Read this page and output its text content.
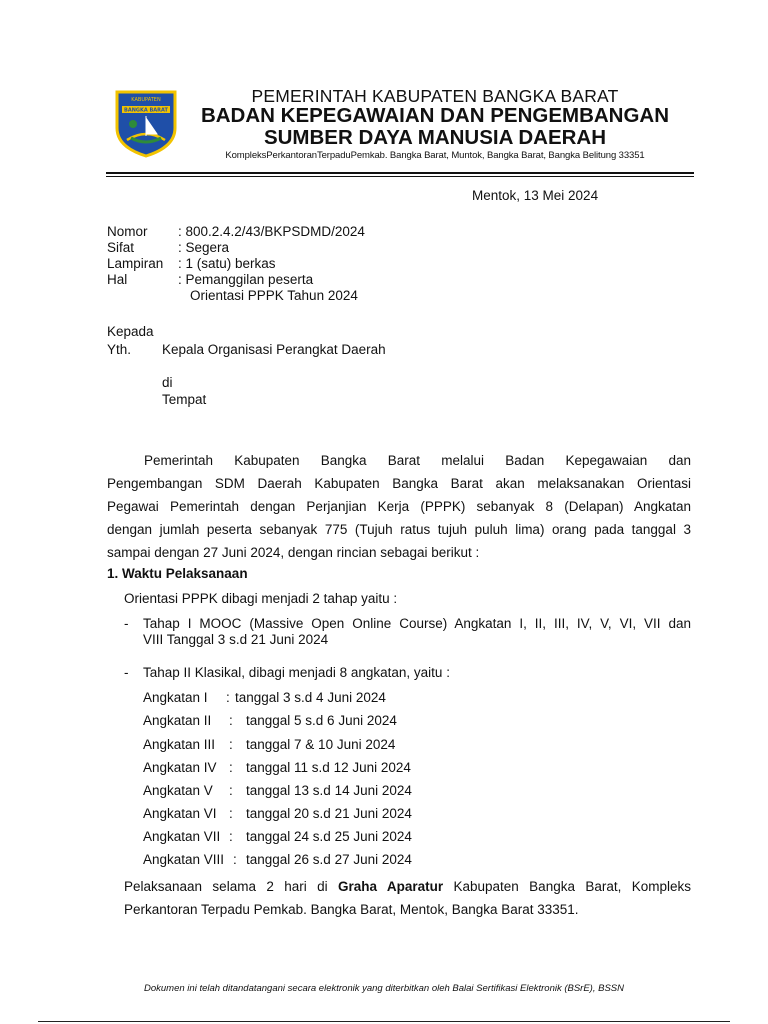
KABUPATEN
BANGKA BARAT
PEMERINTAH KABUPATEN BANGKA BARAT
BADAN KEPEGAWAIAN DAN PENGEMBANGAN
SUMBER DAYA MANUSIA DAERAH
KompleksPerkantoranTerpaduPemkab. Bangka Barat, Muntok, Bangka Barat, Bangka Belitung 33351
Mentok, 13 Mei 2024
Nomor : 800.2.4.2/43/BKPSDMD/2024
Sifat	: Segera
Lampiran : 1 (satu) berkas
Hal	: Pemanggilan peserta
Orientasi PPPK Tahun 2024
Kepada
Yth. Kepala Organisasi Perangkat Daerah
di
Tempat
Pemerintah Kabupaten Bangka Barat melalui Badan Kepegawaian dan
Pengembangan SDM Daerah Kabupaten Bangka Barat akan melaksanakan Orientasi
Pegawai Pemerintah dengan Perjanjian Kerja (PPPK) sebanyak 8 (Delapan) Angkatan
dengan jumlah peserta sebanyak 775 (Tujuh ratus tujuh puluh lima) orang pada tanggal 3
sampai dengan 27 Juni 2024, dengan rincian sebagai berikut :
1. Waktu Pelaksanaan
Orientasi PPPK dibagi menjadi 2 tahap yaitu :
- Tahap I MOOC (Massive Open Online Course) Angkatan I, II, III, IV, V, VI, VII dan
VIII Tanggal 3 s.d 21 Juni 2024
- Tahap II Klasikal, dibagi menjadi 8 angkatan, yaitu :
Angkatan I : tanggal 3 s.d 4 Juni 2024
Angkatan II : tanggal 5 s.d 6 Juni 2024
Angkatan III : tanggal 7 & 10 Juni 2024
Angkatan IV : tanggal 11 s.d 12 Juni 2024
Angkatan V : tanggal 13 s.d 14 Juni 2024
Angkatan VI : tanggal 20 s.d 21 Juni 2024
Angkatan VII : tanggal 24 s.d 25 Juni 2024
Angkatan VIII : tanggal 26 s.d 27 Juni 2024
Pelaksanaan selama 2 hari di Graha Aparatur Kabupaten Bangka Barat, Kompleks
Perkantoran Terpadu Pemkab. Bangka Barat, Mentok, Bangka Barat 33351.
Dokumen ini telah ditandatangani secara elektronik yang diterbitkan oleh Balai Sertifikasi Elektronik (BSrE), BSSN
